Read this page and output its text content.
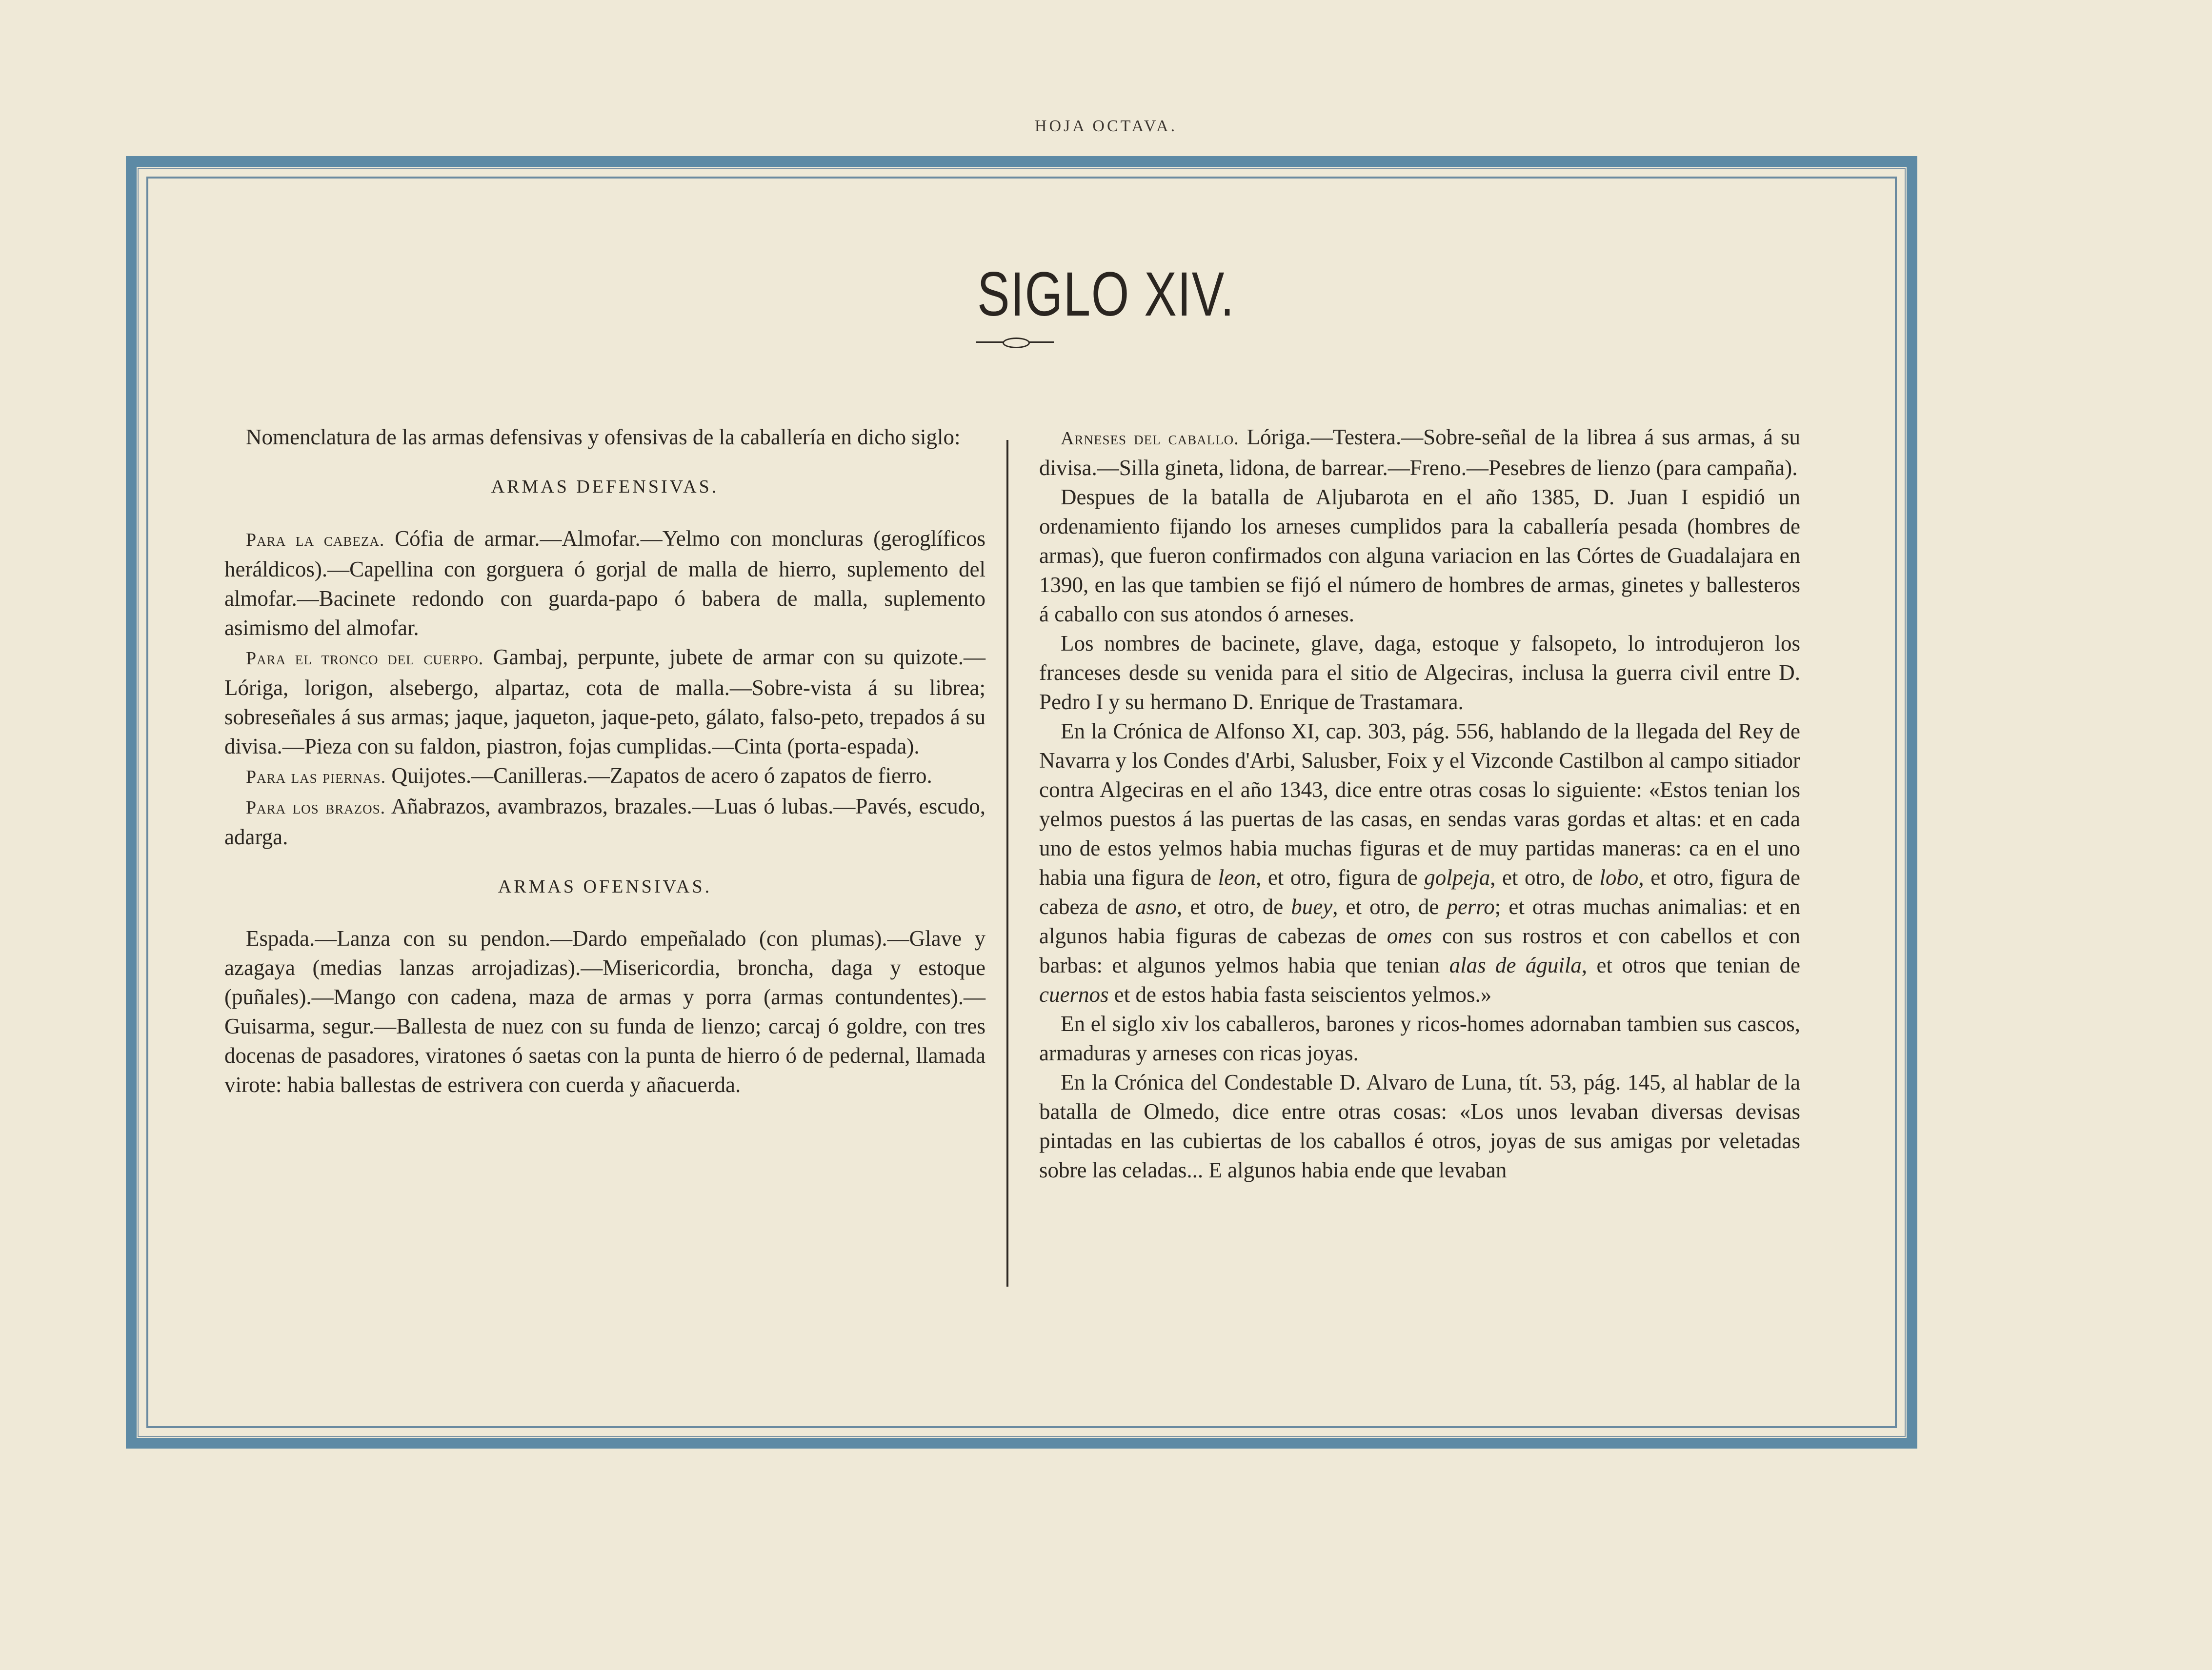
HOJA OCTAVA.
SIGLO XIV.

Nomenclatura de las armas defensivas y ofensivas de la caballería en dicho siglo:

ARMAS DEFENSIVAS.

Para la cabeza. Cófia de armar.—Almofar.—Yelmo con moncluras (geroglíficos heráldicos).—Capellina con gorguera ó gorjal de malla de hierro, suplemento del almofar.—Bacinete redondo con guarda-papo ó babera de malla, suplemento asimismo del almofar.

Para el tronco del cuerpo. Gambaj, perpunte, jubete de armar con su quizote.—Lóriga, lorigon, alsebergo, alpartaz, cota de malla.—Sobre-vista á su librea; sobreseñales á sus armas; jaque, jaqueton, jaque-peto, gálato, falso-peto, trepados á su divisa.—Pieza con su faldon, piastron, fojas cumplidas.—Cinta (porta-espada).

Para las piernas. Quijotes.—Canilleras.—Zapatos de acero ó zapatos de fierro.

Para los brazos. Añabrazos, avambrazos, brazales.—Luas ó lubas.—Pavés, escudo, adarga.

ARMAS OFENSIVAS.

Espada.—Lanza con su pendon.—Dardo empeñalado (con plumas).—Glave y azagaya (medias lanzas arrojadizas).—Misericordia, broncha, daga y estoque (puñales).—Mango con cadena, maza de armas y porra (armas contundentes).—Guisarma, segur.—Ballesta de nuez con su funda de lienzo; carcaj ó goldre, con tres docenas de pasadores, viratones ó saetas con la punta de hierro ó de pedernal, llamada virote: habia ballestas de estrivera con cuerda y añacuerda.

Arneses del caballo. Lóriga.—Testera.—Sobre-señal de la librea á sus armas, á su divisa.—Silla gineta, lidona, de barrear.—Freno.—Pesebres de lienzo (para campaña).

Despues de la batalla de Aljubarota en el año 1385, D. Juan I espidió un ordenamiento fijando los arneses cumplidos para la caballería pesada (hombres de armas), que fueron confirmados con alguna variacion en las Córtes de Guadalajara en 1390, en las que tambien se fijó el número de hombres de armas, ginetes y ballesteros á caballo con sus atondos ó arneses.

Los nombres de bacinete, glave, daga, estoque y falsopeto, lo introdujeron los franceses desde su venida para el sitio de Algeciras, inclusa la guerra civil entre D. Pedro I y su hermano D. Enrique de Trastamara.

En la Crónica de Alfonso XI, cap. 303, pág. 556, hablando de la llegada del Rey de Navarra y los Condes d'Arbi, Salusber, Foix y el Vizconde Castilbon al campo sitiador contra Algeciras en el año 1343, dice entre otras cosas lo siguiente: «Estos tenian los yelmos puestos á las puertas de las casas, en sendas varas gordas et altas: et en cada uno de estos yelmos habia muchas figuras et de muy partidas maneras: ca en el uno habia una figura de leon, et otro, figura de golpeja, et otro, de lobo, et otro, figura de cabeza de asno, et otro, de buey, et otro, de perro; et otras muchas animalias: et en algunos habia figuras de cabezas de omes con sus rostros et con cabellos et con barbas: et algunos yelmos habia que tenian alas de águila, et otros que tenian de cuernos et de estos habia fasta seiscientos yelmos.»

En el siglo xiv los caballeros, barones y ricos-homes adornaban tambien sus cascos, armaduras y arneses con ricas joyas.

En la Crónica del Condestable D. Alvaro de Luna, tít. 53, pág. 145, al hablar de la batalla de Olmedo, dice entre otras cosas: «Los unos levaban diversas devisas pintadas en las cubiertas de los caballos é otros, joyas de sus amigas por veletadas sobre las celadas... E algunos habia ende que levaban
